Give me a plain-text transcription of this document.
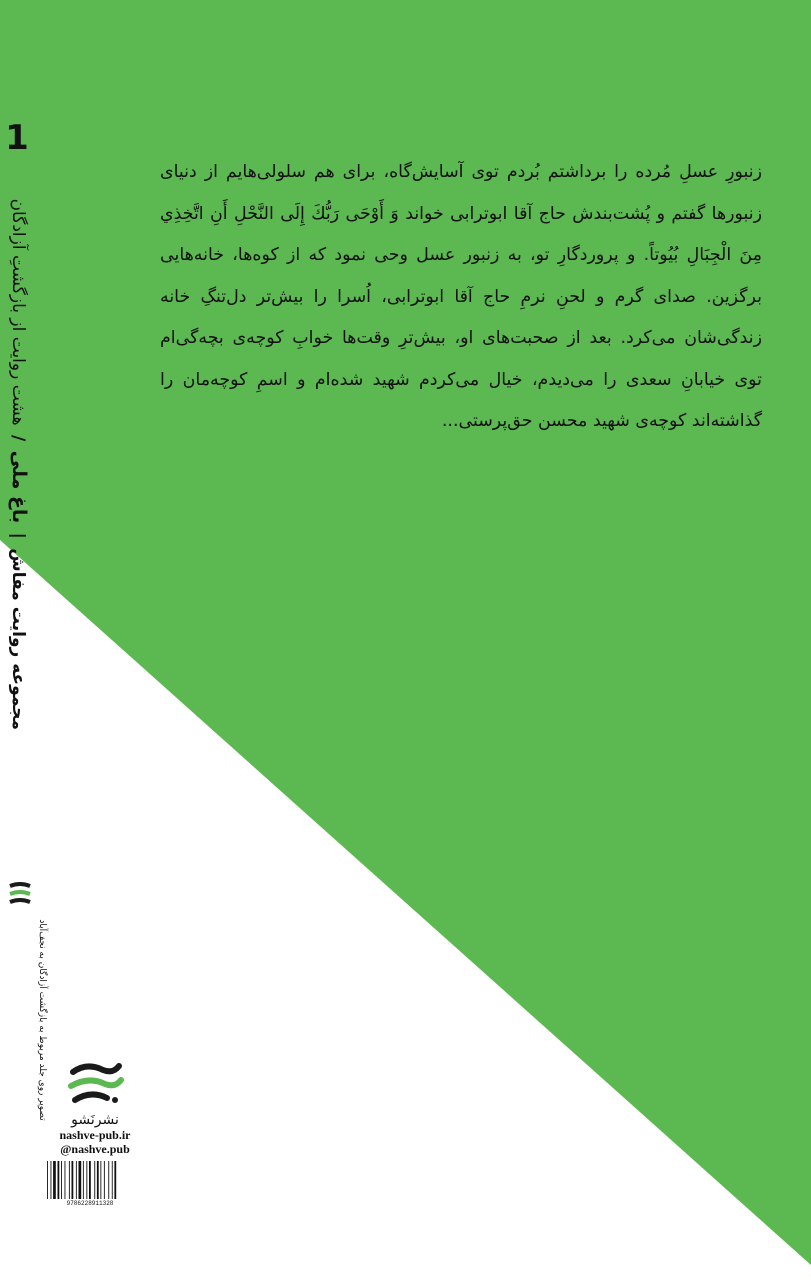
1
مجموعه روایت مفاش | باغ ملی / هشت روایت از بازگشتِ آزادگان
تصویر روی جلد مربوط به بازگشت آزادگان به نجف‌آباد	نشرنَشو
nashve-pub.ir
@nashve.pub
9786228911328
زنبورِ عسلِ مُرده را برداشتم بُردم توی آسایش‌گاه، برای هم سلولی‌هایم از دنیای زنبورها گفتم و پُشت‌بندش حاج آقا ابوترابی خواند وَ أَوْحَى رَبُّكَ إِلَى النَّحْلِ أَنِ اتَّخِذِي مِنَ الْجِبَالِ بُيُوتاً. و پروردگارِ تو، به زنبور عسل وحی نمود که از کوه‌ها، خانه‌هایی برگزین. صدای گرم و لحنِ نرمِ حاج آقا ابوترابی، اُسرا را بیش‌تر دل‌تنگِ خانه زندگی‌شان می‌کرد. بعد از صحبت‌های او، بیش‌ترِ وقت‌ها خوابِ کوچه‌ی بچه‌گی‌ام توی خیابانِ سعدی را می‌دیدم، خیال می‌کردم شهید شده‌ام و اسمِ کوچه‌مان را گذاشته‌اند کوچه‌ی شهید محسن حق‌پرستی...
